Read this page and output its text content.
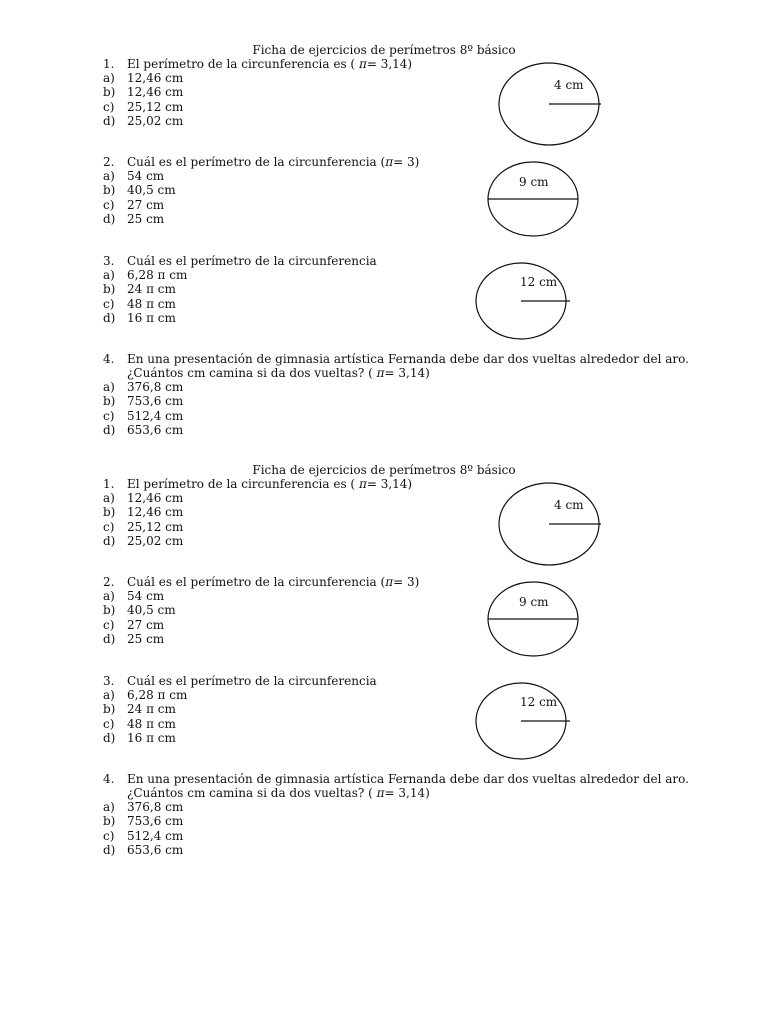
Ficha de ejercicios de perímetros 8º básico
1.	El perímetro de la circunferencia es ( π= 3,14)
a)	12,46 cm
b) 12,46 cm
c)	25,12 cm
d) 25,02 cm
4 cm
2.	Cuál es el perímetro de la circunferencia (π= 3)
a)	54 cm
b) 40,5 cm
c)	27 cm
d) 25 cm
9 cm
3.	Cuál es el perímetro de la circunferencia
a)	6,28 π cm
b) 24 π cm
c)	48 π cm
d) 16 π cm
12 cm
4.	En una presentación de gimnasia artística Fernanda debe dar dos vueltas alrededor del aro.
¿Cuántos cm camina si da dos vueltas? ( π= 3,14)
a)	376,8 cm
b) 753,6 cm
c)	512,4 cm
d) 653,6 cm
Ficha de ejercicios de perímetros 8º básico
1.	El perímetro de la circunferencia es ( π= 3,14)
a)	12,46 cm
b) 12,46 cm
c)	25,12 cm
d) 25,02 cm
4 cm
2.	Cuál es el perímetro de la circunferencia (π= 3)
a)	54 cm
b) 40,5 cm
c)	27 cm
d) 25 cm
9 cm
3.	Cuál es el perímetro de la circunferencia
a)	6,28 π cm
b) 24 π cm
c)	48 π cm
d) 16 π cm
12 cm
4.	En una presentación de gimnasia artística Fernanda debe dar dos vueltas alrededor del aro.
¿Cuántos cm camina si da dos vueltas? ( π= 3,14)
a)	376,8 cm
b) 753,6 cm
c)	512,4 cm
d) 653,6 cm
